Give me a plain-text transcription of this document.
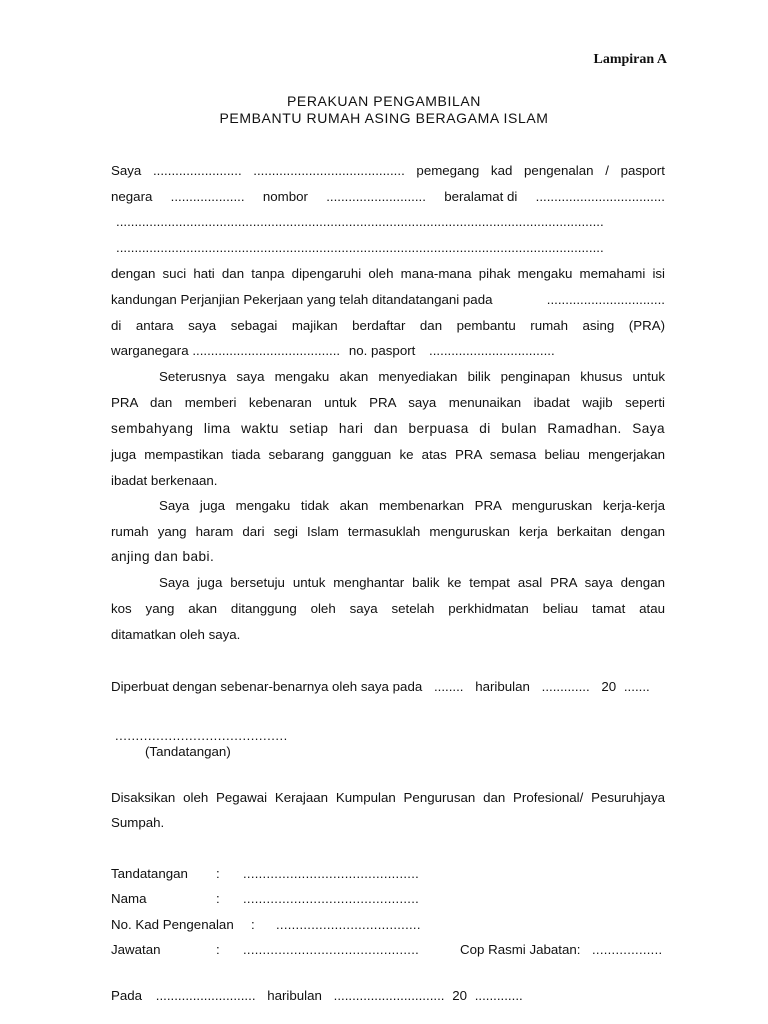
Lampiran A
PERAKUAN PENGAMBILAN
PEMBANTU RUMAH ASING BERAGAMA ISLAM
Saya ........................ ......................................... pemegang kad pengenalan / pasport
negara .................... nombor ........................... beralamat di ...................................
....................................................................................................................................
....................................................................................................................................
dengan suci hati dan tanpa dipengaruhi oleh mana-mana pihak mengaku memahami isi
kandungan Perjanjian Pekerjaan yang telah ditandatangani pada	................................
di antara saya sebagai majikan berdaftar dan pembantu rumah asing (PRA)
warganegara ........................................ no. pasport ..................................
Seterusnya saya mengaku akan menyediakan bilik penginapan khusus untuk
PRA dan memberi kebenaran untuk PRA saya menunaikan ibadat wajib seperti
sembahyang lima waktu setiap hari dan berpuasa di bulan Ramadhan. Saya
juga mempastikan tiada sebarang gangguan ke atas PRA semasa beliau mengerjakan
ibadat berkenaan.
Saya juga mengaku tidak akan membenarkan PRA menguruskan kerja-kerja
rumah yang haram dari segi Islam termasuklah menguruskan kerja berkaitan dengan
anjing dan babi.
Saya juga bersetuju untuk menghantar balik ke tempat asal PRA saya dengan
kos yang akan ditanggung oleh saya setelah perkhidmatan beliau tamat atau
ditamatkan oleh saya.
Diperbuat dengan sebenar-benarnya oleh saya pada ........ haribulan ............. 20 .......
..........................................
(Tandatangan)
Disaksikan oleh Pegawai Kerajaan Kumpulan Pengurusan dan Profesional/ Pesuruhjaya
Sumpah.
Tandatangan : .............................................
Nama	: .............................................
No. Kad Pengenalan : .....................................
Jawatan	: .............................................	Cop Rasmi Jabatan: ..................
Pada ........................... haribulan .............................. 20 .............
